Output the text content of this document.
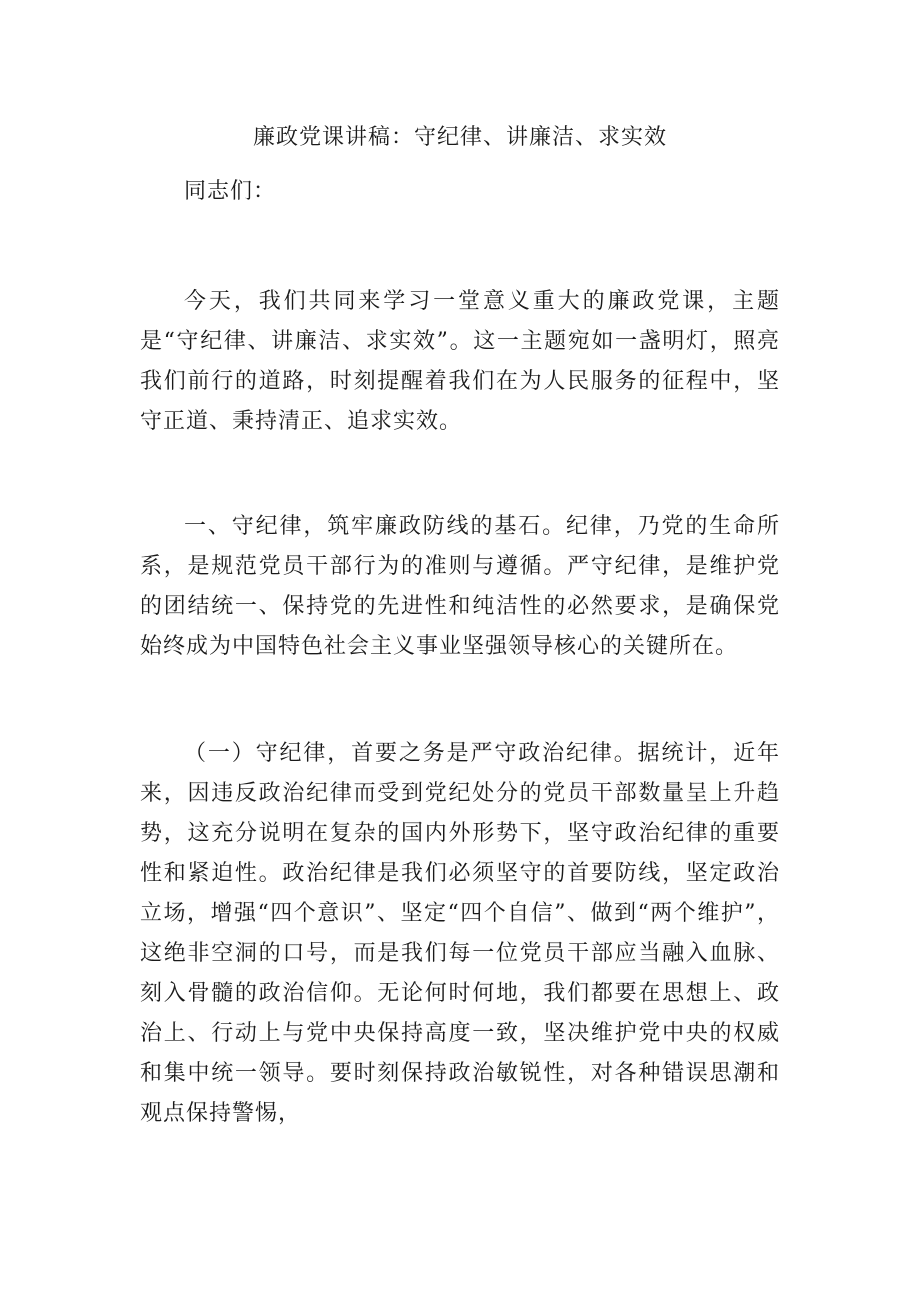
廉政党课讲稿：守纪律、讲廉洁、求实效

同志们：

今天，我们共同来学习一堂意义重大的廉政党课，主题是“守纪律、讲廉洁、求实效”。这一主题宛如一盏明灯，照亮我们前行的道路，时刻提醒着我们在为人民服务的征程中，坚守正道、秉持清正、追求实效。

一、守纪律，筑牢廉政防线的基石。纪律，乃党的生命所系，是规范党员干部行为的准则与遵循。严守纪律，是维护党的团结统一、保持党的先进性和纯洁性的必然要求，是确保党始终成为中国特色社会主义事业坚强领导核心的关键所在。

（一）守纪律，首要之务是严守政治纪律。据统计，近年来，因违反政治纪律而受到党纪处分的党员干部数量呈上升趋势，这充分说明在复杂的国内外形势下，坚守政治纪律的重要性和紧迫性。政治纪律是我们必须坚守的首要防线，坚定政治立场，增强“四个意识”、坚定“四个自信”、做到“两个维护”，这绝非空洞的口号，而是我们每一位党员干部应当融入血脉、刻入骨髓的政治信仰。无论何时何地，我们都要在思想上、政治上、行动上与党中央保持高度一致，坚决维护党中央的权威和集中统一领导。要时刻保持政治敏锐性，对各种错误思潮和观点保持警惕，
